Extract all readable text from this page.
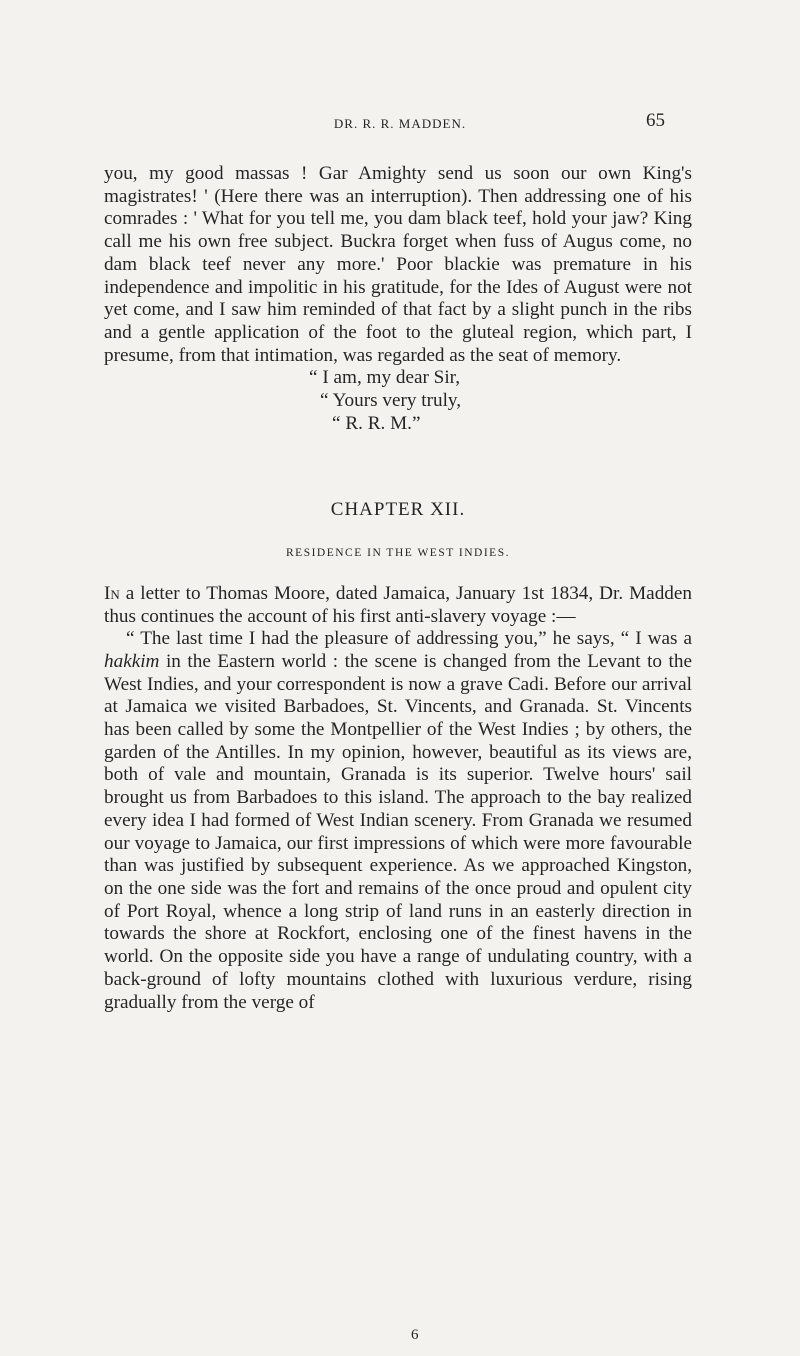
DR. R. R. MADDEN.	65

you, my good massas ! Gar Amighty send us soon our own King's magistrates! ' (Here there was an interruption). Then addressing one of his comrades : ' What for you tell me, you dam black teef, hold your jaw? King call me his own free subject. Buckra forget when fuss of Augus come, no dam black teef never any more.' Poor blackie was premature in his independence and impolitic in his gratitude, for the Ides of August were not yet come, and I saw him reminded of that fact by a slight punch in the ribs and a gentle application of the foot to the gluteal region, which part, I presume, from that intimation, was regarded as the seat of memory.

“ I am, my dear Sir,
“ Yours very truly,
“ R. R. M.”
CHAPTER XII.
RESIDENCE IN THE WEST INDIES.

In a letter to Thomas Moore, dated Jamaica, January 1st 1834, Dr. Madden thus continues the account of his first anti-slavery voyage :—

“ The last time I had the pleasure of addressing you,” he says, “ I was a hakkim in the Eastern world : the scene is changed from the Levant to the West Indies, and your correspondent is now a grave Cadi. Before our arrival at Jamaica we visited Barbadoes, St. Vincents, and Granada. St. Vincents has been called by some the Montpellier of the West Indies ; by others, the garden of the Antilles. In my opinion, however, beautiful as its views are, both of vale and mountain, Granada is its superior. Twelve hours' sail brought us from Barbadoes to this island. The approach to the bay realized every idea I had formed of West Indian scenery. From Granada we resumed our voyage to Jamaica, our first impressions of which were more favourable than was justified by subsequent experience. As we approached Kingston, on the one side was the fort and remains of the once proud and opulent city of Port Royal, whence a long strip of land runs in an easterly direction in towards the shore at Rockfort, enclosing one of the finest havens in the world. On the opposite side you have a range of undulating country, with a back-ground of lofty mountains clothed with luxurious verdure, rising gradually from the verge of

6
